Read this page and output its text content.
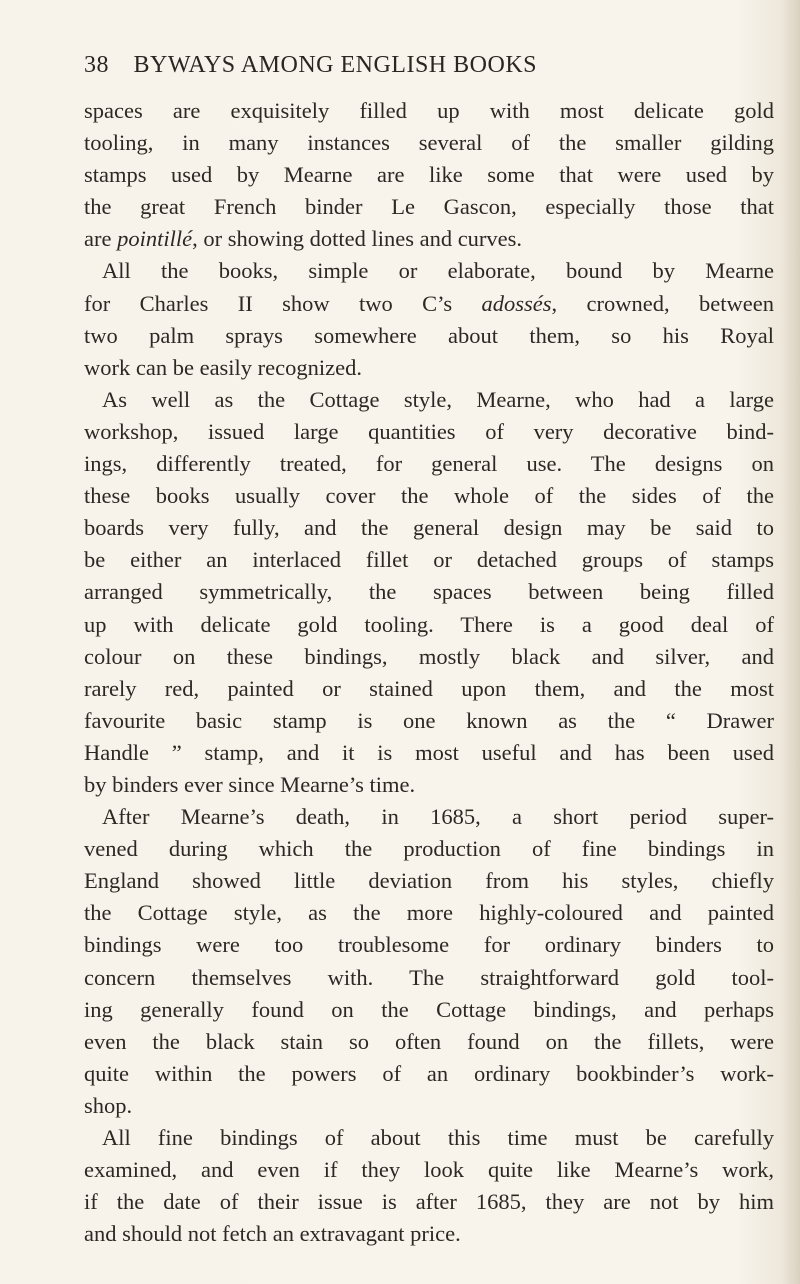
38 BYWAYS AMONG ENGLISH BOOKS
spaces are exquisitely filled up with most delicate gold
tooling, in many instances several of the smaller gilding
stamps used by Mearne are like some that were used by
the great French binder Le Gascon, especially those that
are pointillé, or showing dotted lines and curves.
All the books, simple or elaborate, bound by Mearne
for Charles II show two C’s adossés, crowned, between
two palm sprays somewhere about them, so his Royal
work can be easily recognized.
As well as the Cottage style, Mearne, who had a large
workshop, issued large quantities of very decorative bind-
ings, differently treated, for general use. The designs on
these books usually cover the whole of the sides of the
boards very fully, and the general design may be said to
be either an interlaced fillet or detached groups of stamps
arranged symmetrically, the spaces between being filled
up with delicate gold tooling. There is a good deal of
colour on these bindings, mostly black and silver, and
rarely red, painted or stained upon them, and the most
favourite basic stamp is one known as the “ Drawer
Handle ” stamp, and it is most useful and has been used
by binders ever since Mearne’s time.
After Mearne’s death, in 1685, a short period super-
vened during which the production of fine bindings in
England showed little deviation from his styles, chiefly
the Cottage style, as the more highly-coloured and painted
bindings were too troublesome for ordinary binders to
concern themselves with. The straightforward gold tool-
ing generally found on the Cottage bindings, and perhaps
even the black stain so often found on the fillets, were
quite within the powers of an ordinary bookbinder’s work-
shop.
All fine bindings of about this time must be carefully
examined, and even if they look quite like Mearne’s work,
if the date of their issue is after 1685, they are not by him
and should not fetch an extravagant price.
